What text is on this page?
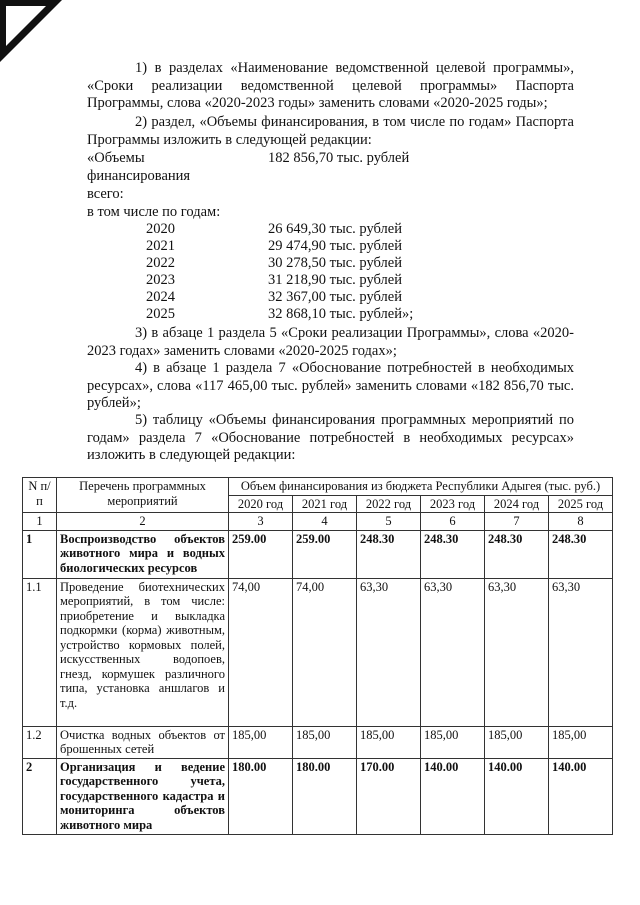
1) в разделах «Наименование ведомственной целевой программы», «Сроки реализации ведомственной целевой программы» Паспорта Программы, слова «2020-2023 годы» заменить словами «2020-2025 годы»;

2) раздел, «Объемы финансирования, в том числе по годам» Паспорта Программы изложить в следующей редакции:

«Объемы
финансирования
всего:
182 856,70 тыс. рублей
в том числе по годам:
2020	26 649,30 тыс. рублей
2021	29 474,90 тыс. рублей
2022	30 278,50 тыс. рублей
2023	31 218,90 тыс. рублей
2024	32 367,00 тыс. рублей
2025	32 868,10 тыс. рублей»;

3) в абзаце 1 раздела 5 «Сроки реализации Программы», слова «2020-2023 годах» заменить словами «2020-2025 годах»;

4) в абзаце 1 раздела 7 «Обоснование потребностей в необходимых ресурсах», слова «117 465,00 тыс. рублей» заменить словами «182 856,70 тыс. рублей»;

5) таблицу «Объемы финансирования программных мероприятий по годам» раздела 7 «Обоснование потребностей в необходимых ресурсах» изложить в следующей редакции:

N п/п	Перечень программных мероприятий	Объем финансирования из бюджета Республики Адыгея (тыс. руб.)					
		2020 год	2021 год	2022 год	2023 год	2024 год	2025 год
1	2	3	4	5	6	7	8
1	Воспроизводство объектов животного мира и водных биологических ресурсов	259.00	259.00	248.30	248.30	248.30	248.30
1.1	Проведение биотехнических мероприятий, в том числе: приобретение и выкладка подкормки (корма) животным, устройство кормовых полей, искусственных водопоев, гнезд, кормушек различного типа, установка аншлагов и т.д.	74,00	74,00	63,30	63,30	63,30	63,30
1.2	Очистка водных объектов от брошенных сетей	185,00	185,00	185,00	185,00	185,00	185,00
2	Организация и ведение государственного учета, государственного кадастра и мониторинга объектов животного мира	180.00	180.00	170.00	140.00	140.00	140.00
